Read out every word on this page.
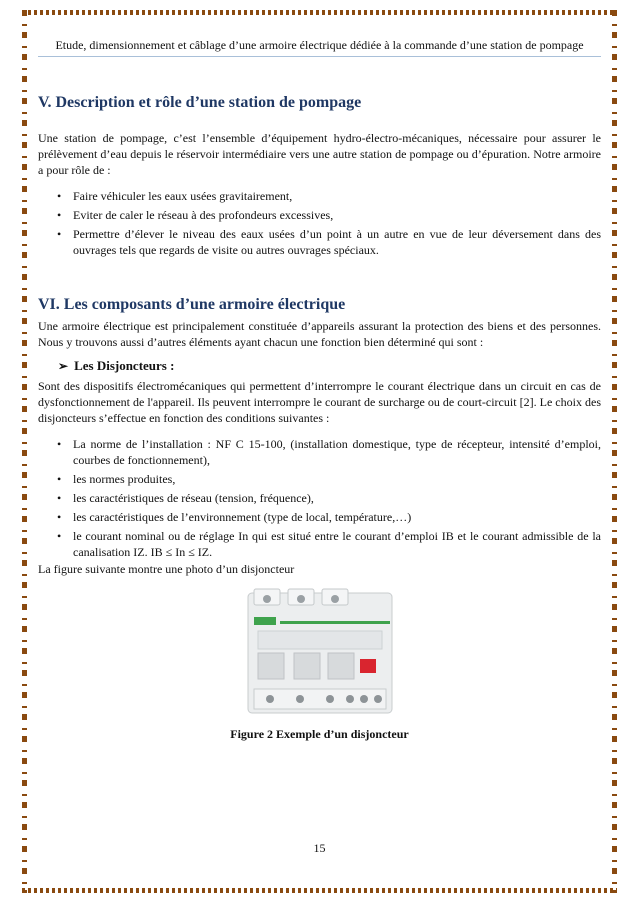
Etude, dimensionnement et câblage d’une armoire électrique dédiée à la commande d’une station de pompage
V. Description et rôle d’une station de pompage

Une station de pompage, c’est l’ensemble d’équipement hydro-électro-mécaniques, nécessaire pour assurer le prélèvement d’eau depuis le réservoir intermédiaire vers une autre station de pompage ou d’épuration. Notre armoire a pour rôle de :

• Faire véhiculer les eaux usées gravitairement,
• Eviter de caler le réseau à des profondeurs excessives,
• Permettre d’élever le niveau des eaux usées d’un point à un autre en vue de leur déversement dans des ouvrages tels que regards de visite ou autres ouvrages spéciaux.
VI. Les composants d’une armoire électrique

Une armoire électrique est principalement constituée d’appareils assurant la protection des biens et des personnes. Nous y trouvons aussi d’autres éléments ayant chacun une fonction bien déterminé qui sont :

➢ Les Disjoncteurs :

Sont des dispositifs électromécaniques qui permettent d’interrompre le courant électrique dans un circuit en cas de dysfonctionnement de l'appareil. Ils peuvent interrompre le courant de surcharge ou de court-circuit [2]. Le choix des disjoncteurs s’effectue en fonction des conditions suivantes :

• La norme de l’installation : NF C 15-100, (installation domestique, type de récepteur, intensité d’emploi, courbes de fonctionnement),
• les normes produites,
• les caractéristiques de réseau (tension, fréquence),
• les caractéristiques de l’environnement (type de local, température,…)
• le courant nominal ou de réglage In qui est situé entre le courant d’emploi IB et le courant admissible de la canalisation IZ. IB ≤ In ≤ IZ.

La figure suivante montre une photo d’un disjoncteur

Figure 2 Exemple d’un disjoncteur
15
